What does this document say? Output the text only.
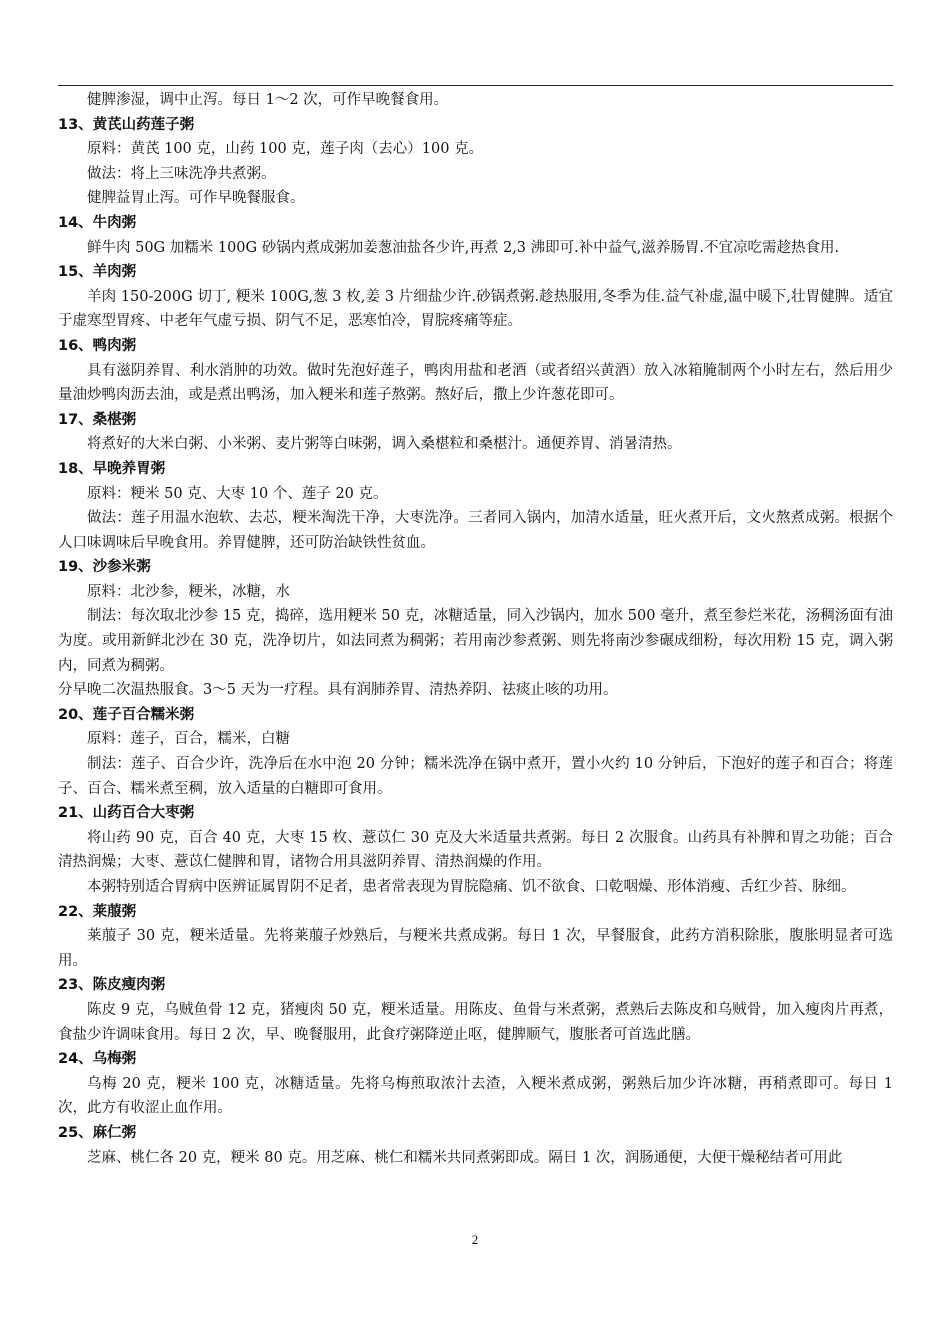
健脾渗湿，调中止泻。每日 1～2 次，可作早晚餐食用。

13、黄芪山药莲子粥

原料：黄芪 100 克，山药 100 克，莲子肉（去心）100 克。

做法：将上三味洗净共煮粥。

健脾益胃止泻。可作早晚餐服食。

14、牛肉粥

鲜牛肉 50G 加糯米 100G 砂锅内煮成粥加姜葱油盐各少许,再煮 2,3 沸即可.补中益气,滋养肠胃.不宜凉吃需趁热食用.

15、羊肉粥

羊肉 150-200G 切丁, 粳米 100G,葱 3 枚,姜 3 片细盐少许.砂锅煮粥.趁热服用,冬季为佳.益气补虚,温中暖下,壮胃健脾。适宜于虚寒型胃疼、中老年气虚亏损、阴气不足，恶寒怕冷，胃脘疼痛等症。

16、鸭肉粥

具有滋阴养胃、利水消肿的功效。做时先泡好莲子，鸭肉用盐和老酒（或者绍兴黄酒）放入冰箱腌制两个小时左右，然后用少量油炒鸭肉沥去油，或是煮出鸭汤，加入粳米和莲子熬粥。熬好后，撒上少许葱花即可。

17、桑椹粥

将煮好的大米白粥、小米粥、麦片粥等白味粥，调入桑椹粒和桑椹汁。通便养胃、消暑清热。

18、早晚养胃粥

原料：粳米 50 克、大枣 10 个、莲子 20 克。

做法：莲子用温水泡软、去芯，粳米淘洗干净，大枣洗净。三者同入锅内，加清水适量，旺火煮开后，文火熬煮成粥。根据个人口味调味后早晚食用。养胃健脾，还可防治缺铁性贫血。

19、沙参米粥

原料：北沙参，粳米，冰糖，水

制法：每次取北沙参 15 克，捣碎，选用粳米 50 克，冰糖适量，同入沙锅内，加水 500 毫升，煮至参烂米花，汤稠汤面有油为度。或用新鲜北沙在 30 克，洗净切片，如法同煮为稠粥；若用南沙参煮粥、则先将南沙参碾成细粉，每次用粉 15 克，调入粥内，同煮为稠粥。

分早晚二次温热服食。3～5 天为一疗程。具有润肺养胃、清热养阴、祛痰止咳的功用。

20、莲子百合糯米粥

原料：莲子，百合，糯米，白糖

制法：莲子、百合少许，洗净后在水中泡 20 分钟；糯米洗净在锅中煮开，置小火约 10 分钟后，下泡好的莲子和百合；将莲子、百合、糯米煮至稠，放入适量的白糖即可食用。

21、山药百合大枣粥

将山药 90 克，百合 40 克，大枣 15 枚、薏苡仁 30 克及大米适量共煮粥。每日 2 次服食。山药具有补脾和胃之功能；百合清热润燥；大枣、薏苡仁健脾和胃，诸物合用具滋阴养胃、清热润燥的作用。

本粥特别适合胃病中医辨证属胃阴不足者，患者常表现为胃脘隐痛、饥不欲食、口乾咽燥、形体消瘦、舌红少苔、脉细。

22、莱菔粥

莱菔子 30 克，粳米适量。先将莱菔子炒熟后，与粳米共煮成粥。每日 1 次，早餐服食，此药方消积除胀，腹胀明显者可选用。

23、陈皮瘦肉粥

陈皮 9 克，乌贼鱼骨 12 克，猪瘦肉 50 克，粳米适量。用陈皮、鱼骨与米煮粥，煮熟后去陈皮和乌贼骨，加入瘦肉片再煮，食盐少许调味食用。每日 2 次，早、晚餐服用，此食疗粥降逆止呕，健脾顺气，腹胀者可首选此膳。

24、乌梅粥

乌梅 20 克，粳米 100 克，冰糖适量。先将乌梅煎取浓汁去渣，入粳米煮成粥，粥熟后加少许冰糖，再稍煮即可。每日 1 次，此方有收涩止血作用。

25、麻仁粥

芝麻、桃仁各 20 克，粳米 80 克。用芝麻、桃仁和糯米共同煮粥即成。隔日 1 次，润肠通便，大便干燥秘结者可用此

2
